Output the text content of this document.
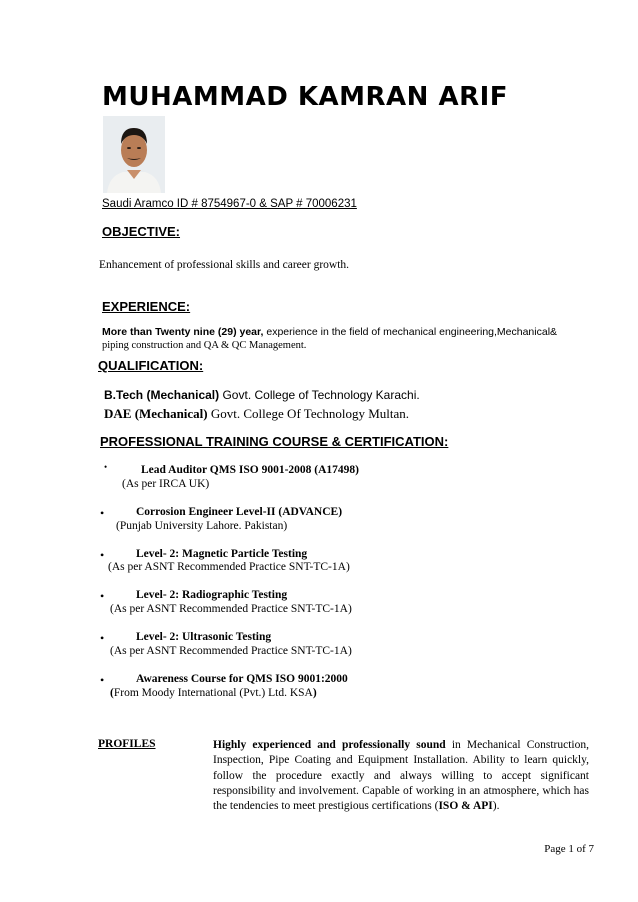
MUHAMMAD KAMRAN ARIF
Saudi Aramco ID # 8754967-0 & SAP # 70006231
OBJECTIVE:
Enhancement of professional skills and career growth.
EXPERIENCE:
More than Twenty nine (29) year, experience in the field of mechanical engineering,Mechanical&
piping construction and QA & QC Management.
QUALIFICATION:
B.Tech (Mechanical) Govt. College of Technology Karachi.
DAE (Mechanical) Govt. College Of Technology Multan.
PROFESSIONAL TRAINING COURSE & CERTIFICATION:
•	Lead Auditor QMS ISO 9001-2008 (A17498)
(As per IRCA UK)
•	Corrosion Engineer Level-II (ADVANCE)
(Punjab University Lahore. Pakistan)
•	Level- 2: Magnetic Particle Testing
(As per ASNT Recommended Practice SNT-TC-1A)
•	Level- 2: Radiographic Testing
(As per ASNT Recommended Practice SNT-TC-1A)
•	Level- 2: Ultrasonic Testing
(As per ASNT Recommended Practice SNT-TC-1A)
•	Awareness Course for QMS ISO 9001:2000
(From Moody International (Pvt.) Ltd. KSA)
PROFILES	Highly experienced and professionally sound in Mechanical Construction, Inspection, Pipe Coating and Equipment Installation. Ability to learn quickly, follow the procedure exactly and always willing to accept significant responsibility and involvement. Capable of working in an atmosphere, which has the tendencies to meet prestigious certifications (ISO & API).
Page 1 of 7
